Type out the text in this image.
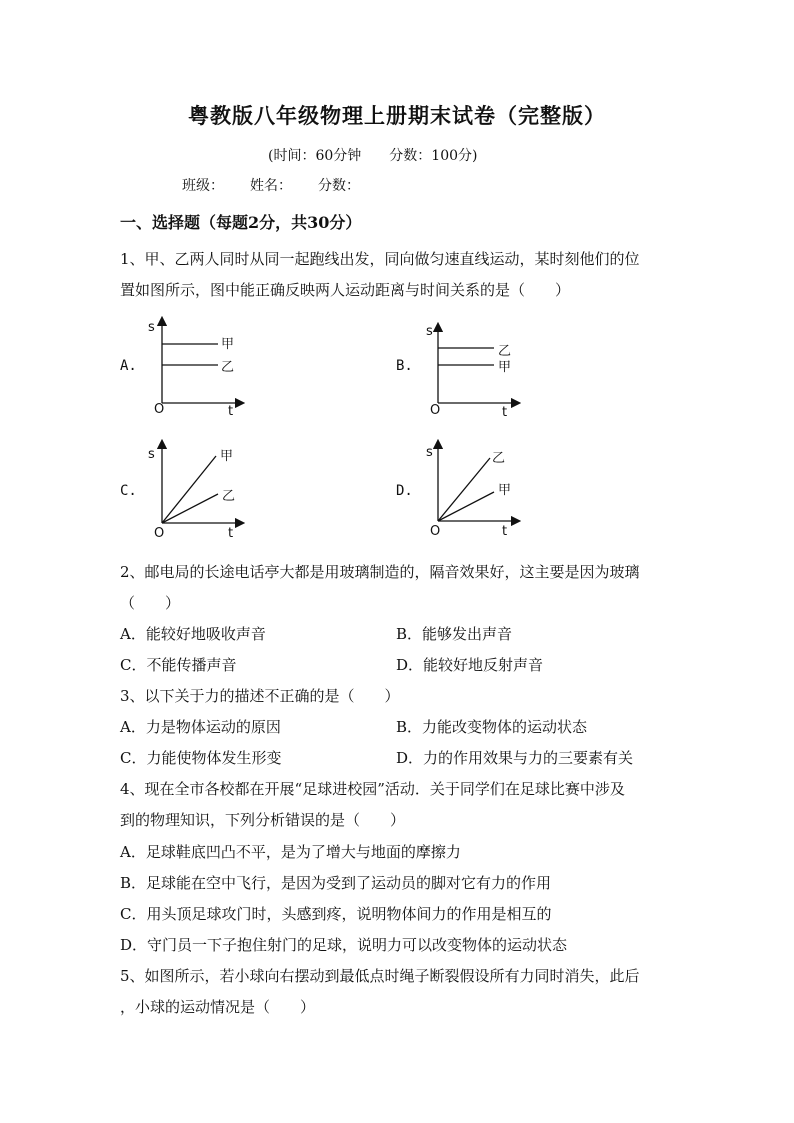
粤教版八年级物理上册期末试卷（完整版）
(时间：60分钟 分数：100分)
班级： 姓名： 分数：
一、选择题（每题2分，共30分）
1、甲、乙两人同时从同一起跑线出发，同向做匀速直线运动，某时刻他们的位
置如图所示，图中能正确反映两人运动距离与时间关系的是（　　）
A.
s
t
O
甲
乙	B.
s
t
O
乙
甲
C.
s
t
O
甲
乙	D.
s
t
O
乙
甲
2、邮电局的长途电话亭大都是用玻璃制造的，隔音效果好，这主要是因为玻璃
（　　）
A．能较好地吸收声音	B．能够发出声音
C．不能传播声音	D．能较好地反射声音
3、以下关于力的描述不正确的是（　　）
A．力是物体运动的原因	B．力能改变物体的运动状态
C．力能使物体发生形变	D．力的作用效果与力的三要素有关
4、现在全市各校都在开展“足球进校园”活动．关于同学们在足球比赛中涉及
到的物理知识，下列分析错误的是（　　）
A．足球鞋底凹凸不平，是为了增大与地面的摩擦力
B．足球能在空中飞行，是因为受到了运动员的脚对它有力的作用
C．用头顶足球攻门时，头感到疼，说明物体间力的作用是相互的
D．守门员一下子抱住射门的足球，说明力可以改变物体的运动状态
5、如图所示，若小球向右摆动到最低点时绳子断裂假设所有力同时消失，此后
，小球的运动情况是（　　）
